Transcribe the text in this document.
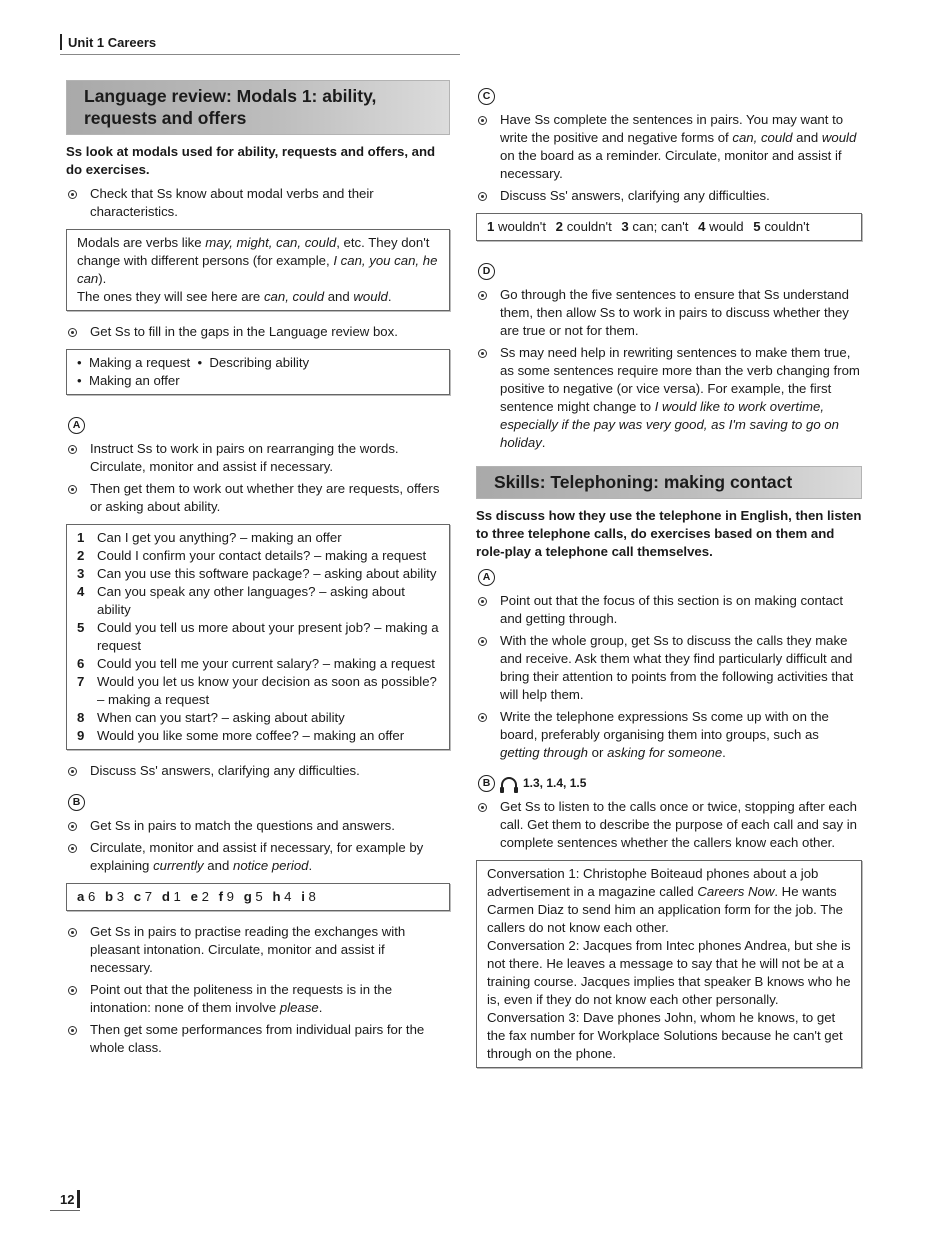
Unit 1 Careers
Language review: Modals 1: ability, requests and offers
Ss look at modals used for ability, requests and offers, and do exercises.
Check that Ss know about modal verbs and their characteristics.
Modals are verbs like may, might, can, could, etc. They don't change with different persons (for example, I can, you can, he can).
The ones they will see here are can, could and would.
Get Ss to fill in the gaps in the Language review box.
•  Making a request  •  Describing ability
•  Making an offer
A
Instruct Ss to work in pairs on rearranging the words. Circulate, monitor and assist if necessary.
Then get them to work out whether they are requests, offers or asking about ability.
1 Can I get you anything? – making an offer
2 Could I confirm your contact details? – making a request
3 Can you use this software package? – asking about ability
4 Can you speak any other languages? – asking about ability
5 Could you tell us more about your present job? – making a request
6 Could you tell me your current salary? – making a request
7 Would you let us know your decision as soon as possible? – making a request
8 When can you start? – asking about ability
9 Would you like some more coffee? – making an offer
Discuss Ss' answers, clarifying any difficulties.
B
Get Ss in pairs to match the questions and answers.
Circulate, monitor and assist if necessary, for example by explaining currently and notice period.
a 6 b 3 c 7 d 1 e 2 f 9 g 5 h 4 i 8
Get Ss in pairs to practise reading the exchanges with pleasant intonation. Circulate, monitor and assist if necessary.
Point out that the politeness in the requests is in the intonation: none of them involve please.
Then get some performances from individual pairs for the whole class.
C
Have Ss complete the sentences in pairs. You may want to write the positive and negative forms of can, could and would on the board as a reminder. Circulate, monitor and assist if necessary.
Discuss Ss' answers, clarifying any difficulties.
1 wouldn't 2 couldn't 3 can; can't 4 would 5 couldn't
D
Go through the five sentences to ensure that Ss understand them, then allow Ss to work in pairs to discuss whether they are true or not for them.
Ss may need help in rewriting sentences to make them true, as some sentences require more than the verb changing from positive to negative (or vice versa). For example, the first sentence might change to I would like to work overtime, especially if the pay was very good, as I'm saving to go on holiday.
Skills: Telephoning: making contact
Ss discuss how they use the telephone in English, then listen to three telephone calls, do exercises based on them and role-play a telephone call themselves.
A
Point out that the focus of this section is on making contact and getting through.
With the whole group, get Ss to discuss the calls they make and receive. Ask them what they find particularly difficult and bring their attention to points from the following activities that will help them.
Write the telephone expressions Ss come up with on the board, preferably organising them into groups, such as getting through or asking for someone.
B	1.3, 1.4, 1.5
Get Ss to listen to the calls once or twice, stopping after each call. Get them to describe the purpose of each call and say in complete sentences whether the callers know each other.
Conversation 1: Christophe Boiteaud phones about a job advertisement in a magazine called Careers Now. He wants Carmen Diaz to send him an application form for the job. The callers do not know each other.
Conversation 2: Jacques from Intec phones Andrea, but she is not there. He leaves a message to say that he will not be at a training course. Jacques implies that speaker B knows who he is, even if they do not know each other personally.
Conversation 3: Dave phones John, whom he knows, to get the fax number for Workplace Solutions because he can't get through on the phone.
12
